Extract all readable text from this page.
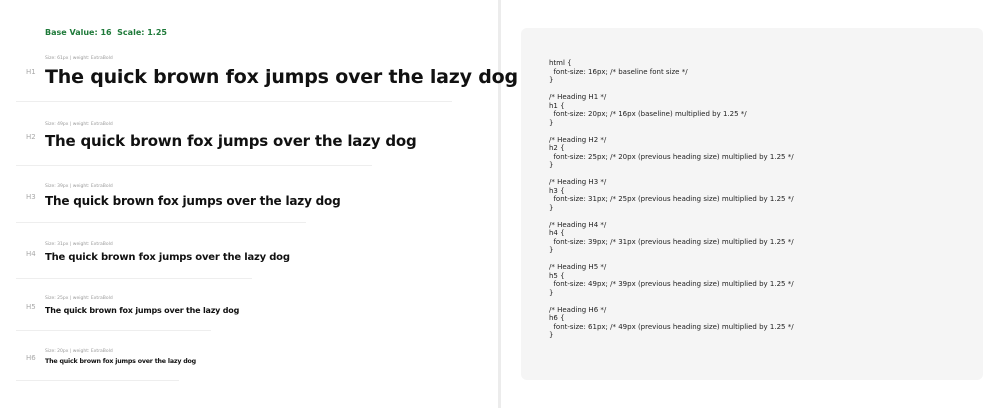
Base Value: 16  Scale: 1.25
H1
Size: 61px | weight: ExtraBold
The quick brown fox jumps over the lazy dog
H2
Size: 49px | weight: ExtraBold
The quick brown fox jumps over the lazy dog
H3
Size: 39px | weight: ExtraBold
The quick brown fox jumps over the lazy dog
H4
Size: 31px | weight: ExtraBold
The quick brown fox jumps over the lazy dog
H5
Size: 25px | weight: ExtraBold
The quick brown fox jumps over the lazy dog
H6
Size: 20px | weight: ExtraBold
The quick brown fox jumps over the lazy dog
html {
font-size: 16px; /* baseline font size */
}

/* Heading H1 */
h1 {
font-size: 20px; /* 16px (baseline) multiplied by 1.25 */
}

/* Heading H2 */
h2 {
font-size: 25px; /* 20px (previous heading size) multiplied by 1.25 */
}

/* Heading H3 */
h3 {
font-size: 31px; /* 25px (previous heading size) multiplied by 1.25 */
}

/* Heading H4 */
h4 {
font-size: 39px; /* 31px (previous heading size) multiplied by 1.25 */
}

/* Heading H5 */
h5 {
font-size: 49px; /* 39px (previous heading size) multiplied by 1.25 */
}

/* Heading H6 */
h6 {
font-size: 61px; /* 49px (previous heading size) multiplied by 1.25 */
}
